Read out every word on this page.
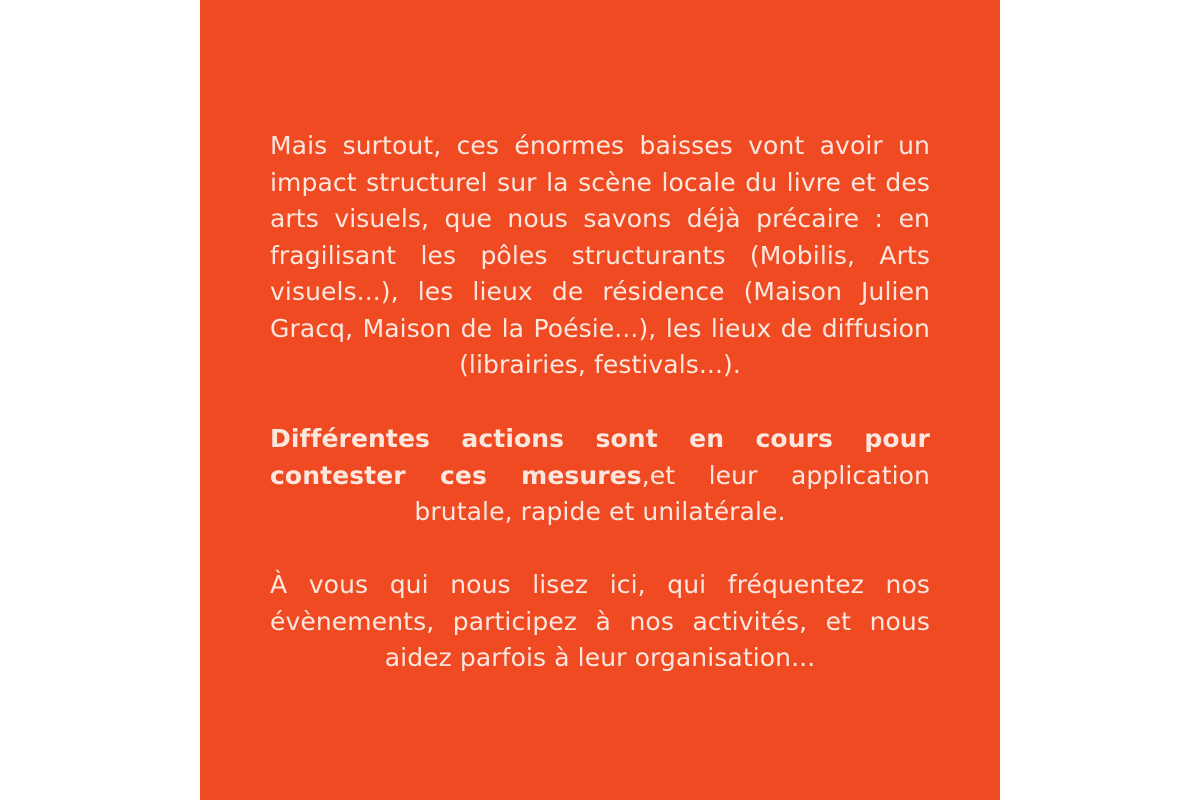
Mais surtout, ces énormes baisses vont avoir un impact structurel sur la scène locale du livre et des arts visuels, que nous savons déjà précaire : en fragilisant les pôles structurants (Mobilis, Arts visuels...), les lieux de résidence (Maison Julien Gracq, Maison de la Poésie...), les lieux de diffusion (librairies, festivals...).

Différentes actions sont en cours pour contester ces mesures,et leur application brutale, rapide et unilatérale.

À vous qui nous lisez ici, qui fréquentez nos évènements, participez à nos activités, et nous aidez parfois à leur organisation...
